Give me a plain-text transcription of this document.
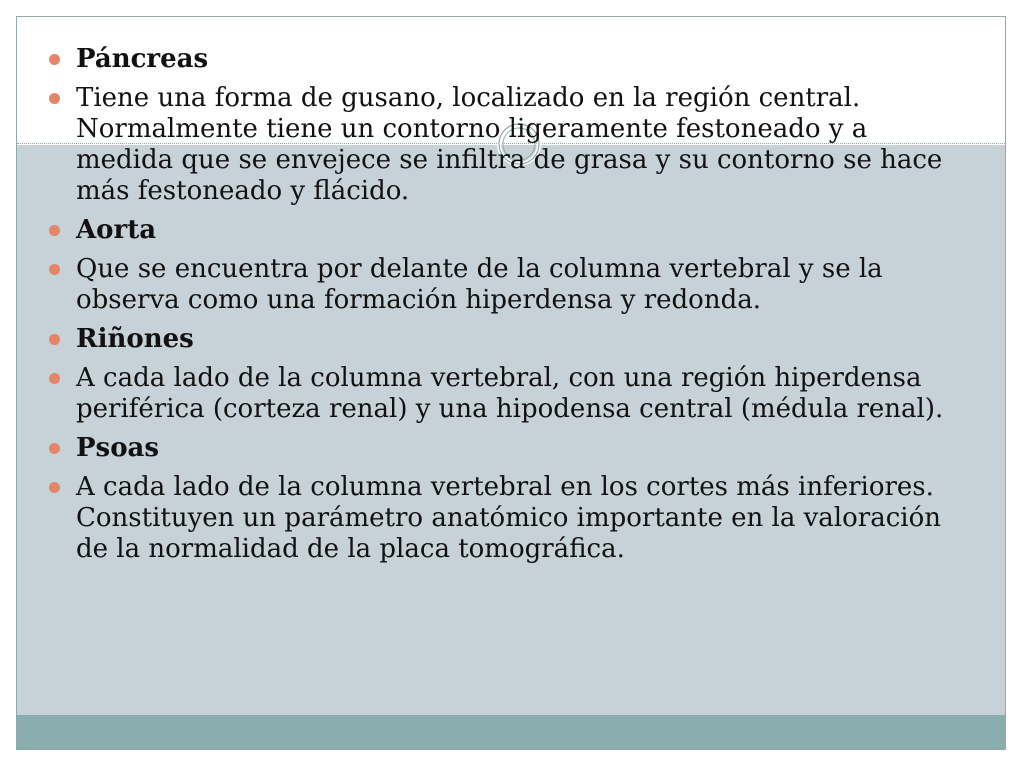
Páncreas
Tiene una forma de gusano, localizado en la región central. Normalmente tiene un contorno ligeramente festoneado y a medida que se envejece se infiltra de grasa y su contorno se hace más festoneado y flácido.
Aorta
Que se encuentra por delante de la columna vertebral y se la observa como una formación hiperdensa y redonda.
Riñones
A cada lado de la columna vertebral, con una región hiperdensa periférica (corteza renal) y una hipodensa central (médula renal).
Psoas
A cada lado de la columna vertebral en los cortes más inferiores. Constituyen un parámetro anatómico importante en la valoración de la normalidad de la placa tomográfica.
